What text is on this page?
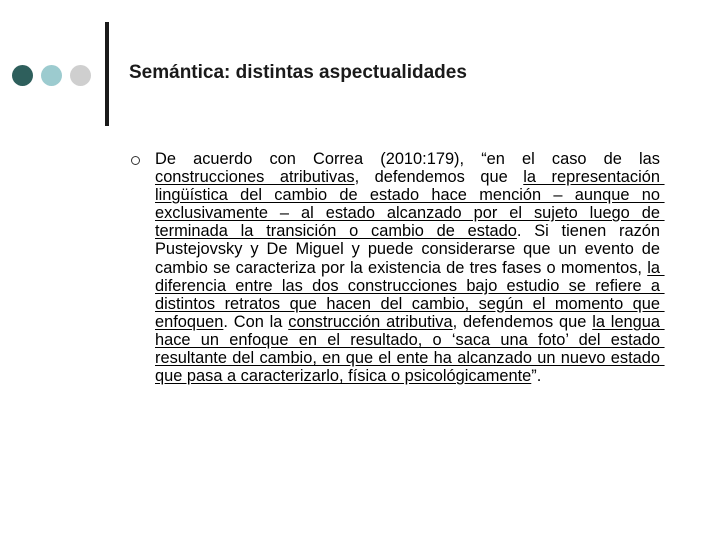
Semántica: distintas aspectualidades
De acuerdo con Correa (2010:179), “en el caso de las construcciones atributivas, defendemos que la representación lingüística del cambio de estado hace mención – aunque no exclusivamente – al estado alcanzado por el sujeto luego de terminada la transición o cambio de estado. Si tienen razón Pustejovsky y De Miguel y puede considerarse que un evento de cambio se caracteriza por la existencia de tres fases o momentos, la diferencia entre las dos construcciones bajo estudio se refiere a distintos retratos que hacen del cambio, según el momento que enfoquen. Con la construcción atributiva, defendemos que la lengua hace un enfoque en el resultado, o ‘saca una foto’ del estado resultante del cambio, en que el ente ha alcanzado un nuevo estado que pasa a caracterizarlo, física o psicológicamente”.
